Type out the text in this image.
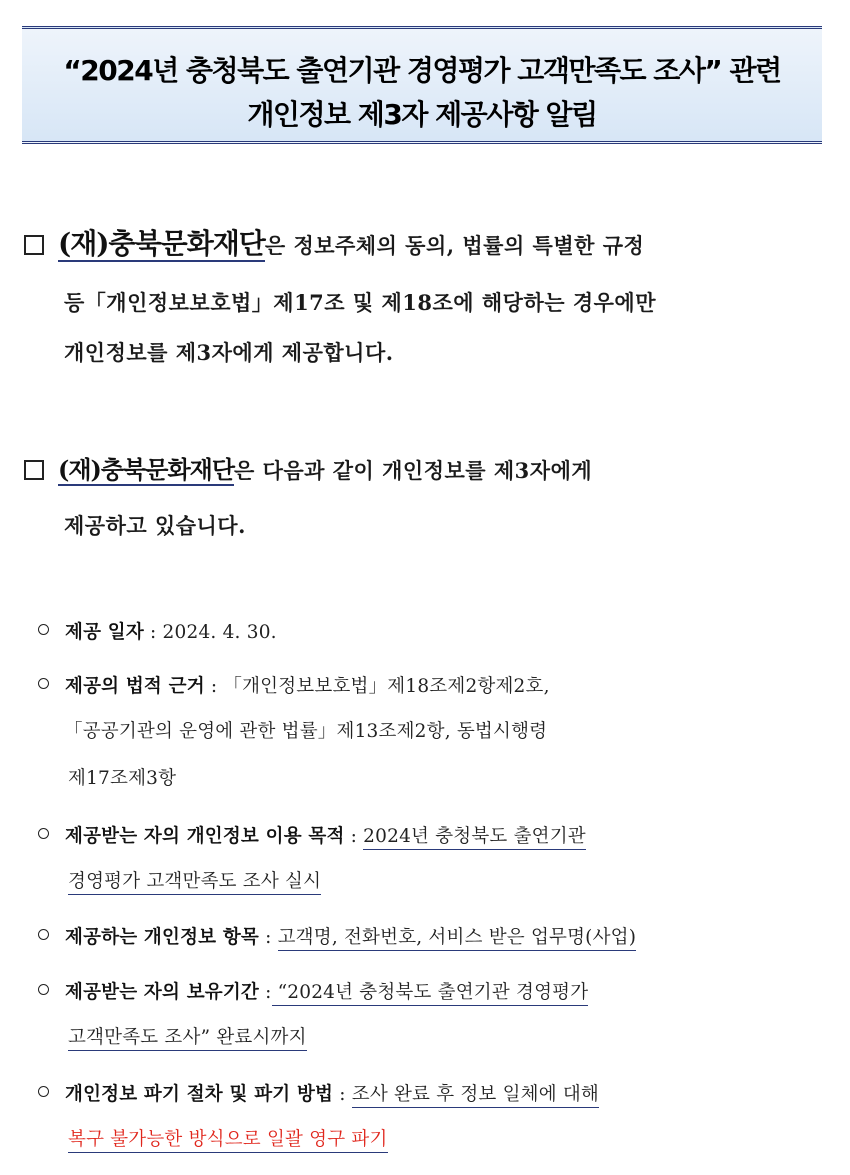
“2024년 충청북도 출연기관 경영평가 고객만족도 조사” 관련
개인정보 제3자 제공사항 알림
(재)충북문화재단은 정보주체의 동의, 법률의 특별한 규정
등「개인정보보호법」제17조 및 제18조에 해당하는 경우에만
개인정보를 제3자에게 제공합니다.
(재)충북문화재단은 다음과 같이 개인정보를 제3자에게
제공하고 있습니다.
제공 일자 : 2024. 4. 30.
제공의 법적 근거 : 「개인정보보호법」제18조제2항제2호,
「공공기관의 운영에 관한 법률」제13조제2항, 동법시행령
제17조제3항
제공받는 자의 개인정보 이용 목적 : 2024년 충청북도 출연기관
경영평가 고객만족도 조사 실시
제공하는 개인정보 항목 : 고객명, 전화번호, 서비스 받은 업무명(사업)
제공받는 자의 보유기간 : “2024년 충청북도 출연기관 경영평가
고객만족도 조사” 완료시까지
개인정보 파기 절차 및 파기 방법 : 조사 완료 후 정보 일체에 대해
복구 불가능한 방식으로 일괄 영구 파기
